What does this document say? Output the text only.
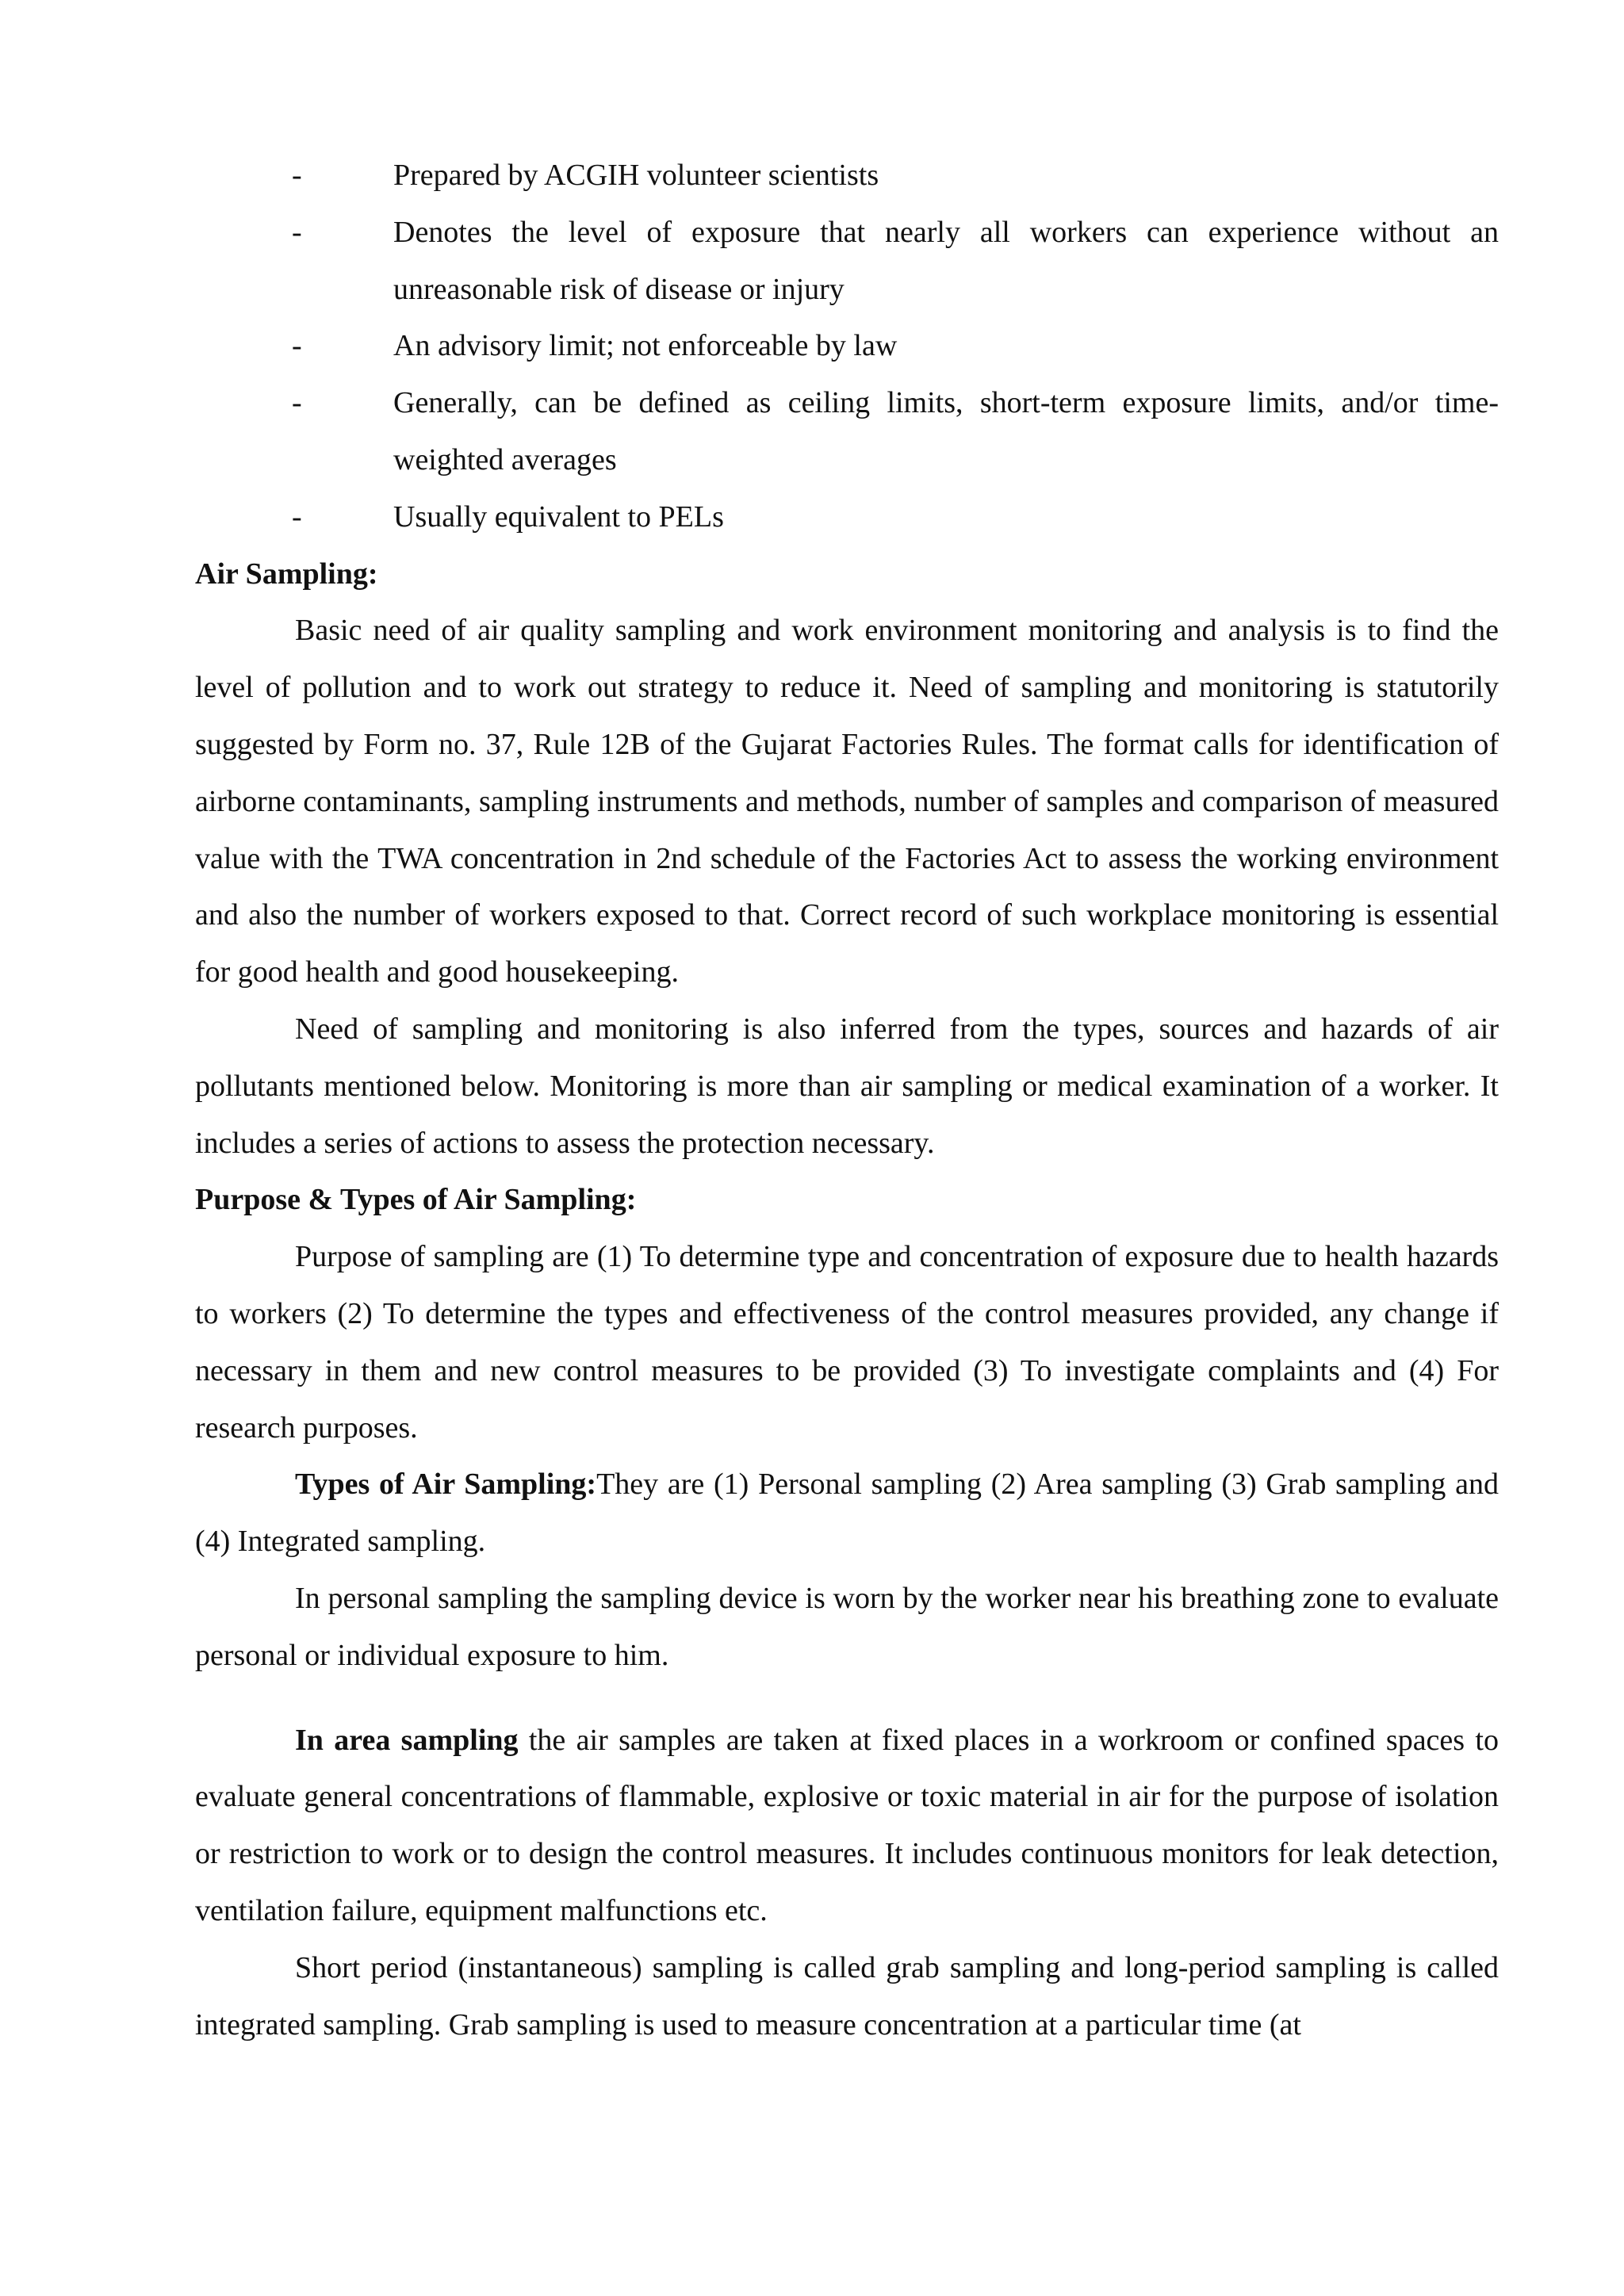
-	Prepared by ACGIH volunteer scientists
-	Denotes the level of exposure that nearly all workers can experience without an unreasonable risk of disease or injury
-	An advisory limit; not enforceable by law
-	Generally, can be defined as ceiling limits, short-term exposure limits, and/or time-weighted averages
-	Usually equivalent to PELs

Air Sampling:

Basic need of air quality sampling and work environment monitoring and analysis is to find the level of pollution and to work out strategy to reduce it. Need of sampling and monitoring is statutorily suggested by Form no. 37, Rule 12B of the Gujarat Factories Rules. The format calls for identification of airborne contaminants, sampling instruments and methods, number of samples and comparison of measured value with the TWA concentration in 2nd schedule of the Factories Act to assess the working environment and also the number of workers exposed to that. Correct record of such workplace monitoring is essential for good health and good housekeeping.

Need of sampling and monitoring is also inferred from the types, sources and hazards of air pollutants mentioned below. Monitoring is more than air sampling or medical examination of a worker. It includes a series of actions to assess the protection necessary.

Purpose & Types of Air Sampling:

Purpose of sampling are (1) To determine type and concentration of exposure due to health hazards to workers (2) To determine the types and effectiveness of the control measures provided, any change if necessary in them and new control measures to be provided (3) To investigate complaints and (4) For research purposes.

Types of Air Sampling:They are (1) Personal sampling (2) Area sampling (3) Grab sampling and (4) Integrated sampling.

In personal sampling the sampling device is worn by the worker near his breathing zone to evaluate personal or individual exposure to him.

In area sampling the air samples are taken at fixed places in a workroom or confined spaces to evaluate general concentrations of flammable, explosive or toxic material in air for the purpose of isolation or restriction to work or to design the control measures. It includes continuous monitors for leak detection, ventilation failure, equipment malfunctions etc.

Short period (instantaneous) sampling is called grab sampling and long-period sampling is called integrated sampling. Grab sampling is used to measure concentration at a particular time (at
